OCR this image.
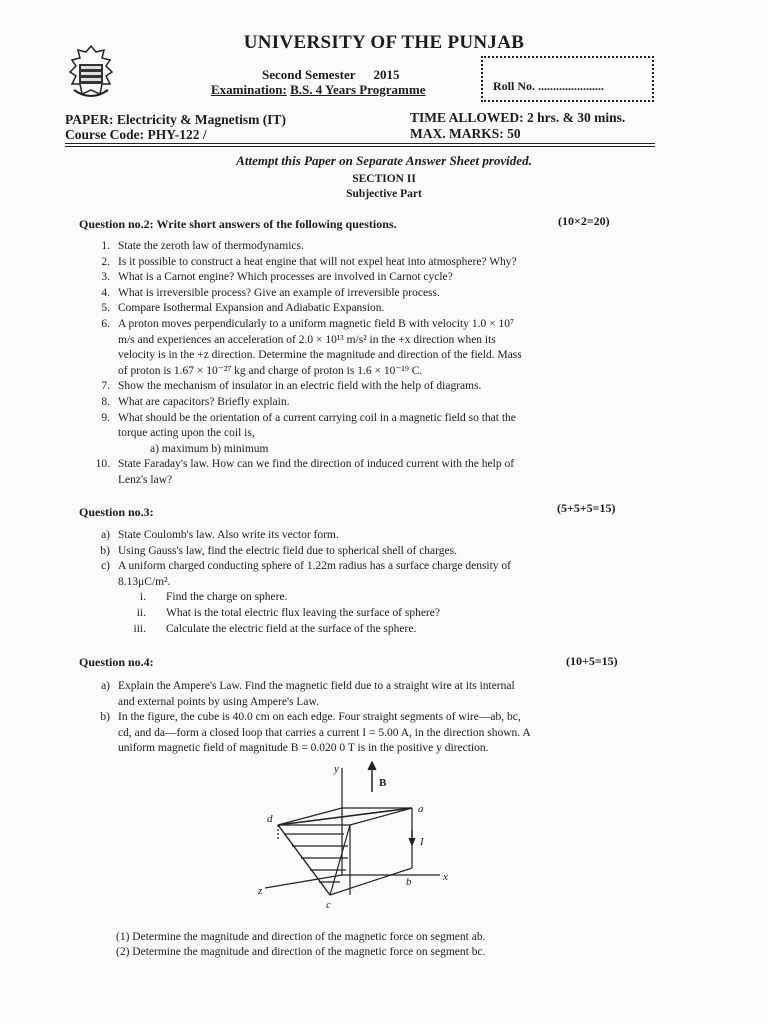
UNIVERSITY OF THE PUNJAB
Second Semester 2015
Examination: B.S. 4 Years Programme	Roll No. ......................
PAPER: Electricity & Magnetism (IT)
Course Code: PHY-122 /
TIME ALLOWED: 2 hrs. & 30 mins.
MAX. MARKS: 50
Attempt this Paper on Separate Answer Sheet provided.
SECTION II
Subjective Part
Question no.2: Write short answers of the following questions.	(10×2=20)
1. State the zeroth law of thermodynamics.
2. Is it possible to construct a heat engine that will not expel heat into atmosphere? Why?
3. What is a Carnot engine? Which processes are involved in Carnot cycle?
4. What is irreversible process? Give an example of irreversible process.
5. Compare Isothermal Expansion and Adiabatic Expansion.
6. A proton moves perpendicularly to a uniform magnetic field B with velocity 1.0 × 10⁷
m/s and experiences an acceleration of 2.0 × 10¹³ m/s² in the +x direction when its
velocity is in the +z direction. Determine the magnitude and direction of the field. Mass
of proton is 1.67 × 10⁻²⁷ kg and charge of proton is 1.6 × 10⁻¹⁹ C.
7. Show the mechanism of insulator in an electric field with the help of diagrams.
8. What are capacitors? Briefly explain.
9. What should be the orientation of a current carrying coil in a magnetic field so that the
torque acting upon the coil is,
a) maximum b) minimum
10. State Faraday's law. How can we find the direction of induced current with the help of
Lenz's law?
Question no.3:	(5+5+5=15)
a) State Coulomb's law. Also write its vector form.
b) Using Gauss's law, find the electric field due to spherical shell of charges.
c) A uniform charged conducting sphere of 1.22m radius has a surface charge density of
8.13μC/m².
i. Find the charge on sphere.
ii. What is the total electric flux leaving the surface of sphere?
iii. Calculate the electric field at the surface of the sphere.
Question no.4:	(10+5=15)
a) Explain the Ampere's Law. Find the magnetic field due to a straight wire at its internal
and external points by using Ampere's Law.
b) In the figure, the cube is 40.0 cm on each edge. Four straight segments of wire—ab, bc,
cd, and da—form a closed loop that carries a current I = 5.00 A, in the direction shown. A
uniform magnetic field of magnitude B = 0.020 0 T is in the positive y direction.
y
B
a
d
I
x
b
z
c
(1) Determine the magnitude and direction of the magnetic force on segment ab.
(2) Determine the magnitude and direction of the magnetic force on segment bc.
